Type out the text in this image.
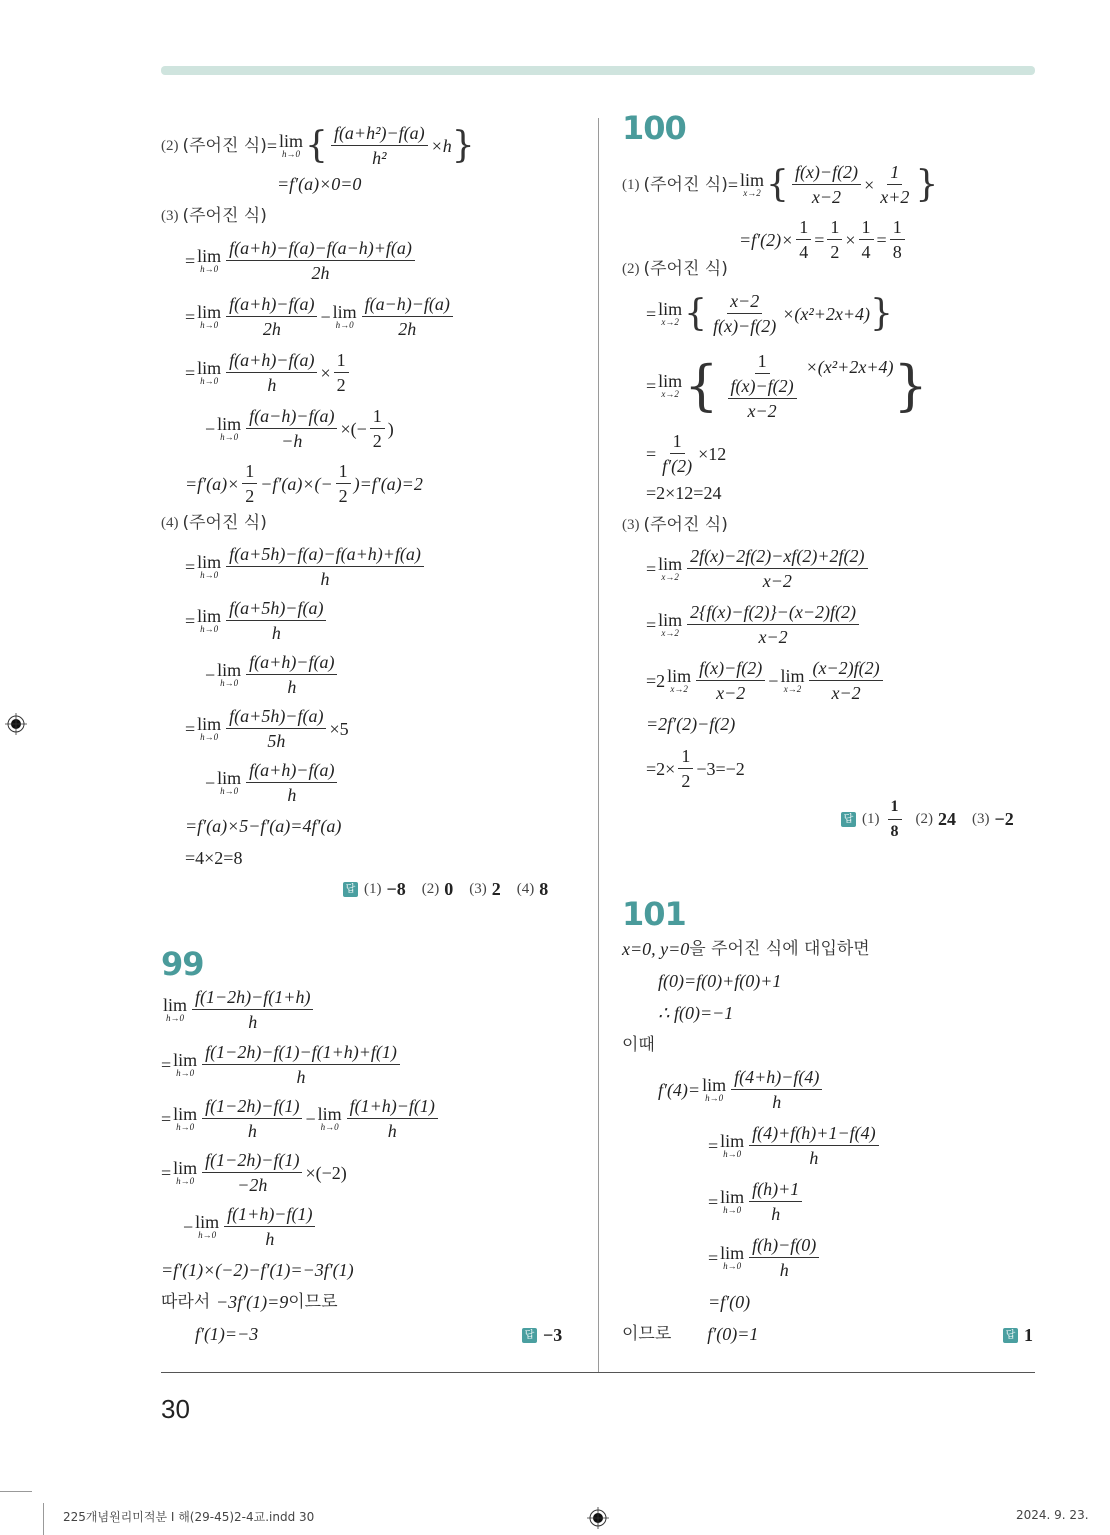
(2) (주어진 식) = lim
h→0 { $\frac{\text{f(a+h²)−f(a)}}{\text{h²}} \times h$ }
=f′(a)×0=0
(3) (주어진 식)
= lim
$h\to 0 \frac{f(a+h)-f(a)-f(a-h)+f(a)}{2h}$
= lim
$h\to 0 \frac{f(a+h)-f(a)}{2h} - \lim$
$h\to 0 \frac{f(a-h)-f(a)}{2h}$
= lim
$h\to 0 \frac{f(a+h)-f(a)}{h} \times \frac{1}{2}$
− lim
$h\to 0 \frac{f(a-h)-f(a)}{-h}$ ×(− $\frac{1}{2}$ )
$=f'(a)\times \frac{1}{2} -f'(a)\times(- \frac{1}{2} )=f'(a)=2$
(4) (주어진 식)
= lim
$h\to 0 \frac{f(a+5h)-f(a)-f(a+h)+f(a)}{h}$
= lim
$h\to 0 \frac{f(a+5h)-f(a)}{h}$
− lim
$h\to 0 \frac{f(a+h)-f(a)}{h}$
= lim
$h\to 0 \frac{f(a+5h)-f(a)}{5h} \times 5$
− lim
$h\to 0 \frac{f(a+h)-f(a)}{h}$
=f′(a)×5−f′(a)=4f′(a)
=4×2=8
답 (1) −8 (2) 0 (3) 2 (4) 8
99
lim
$h\to 0 \frac{f(1-2h)-f(1+h)}{h}$
= lim
$h\to 0 \frac{f(1-2h)-f(1)-f(1+h)+f(1)}{h}$
= lim
$h\to 0 \frac{f(1-2h)-f(1)}{h} - \lim$
$h\to 0 \frac{f(1+h)-f(1)}{h}$
= lim
$h\to 0 \frac{f(1-2h)-f(1)}{-2h} \times(-2)$
− lim
$h\to 0 \frac{f(1+h)-f(1)}{h}$
=f′(1)×(−2)−f′(1)=−3f′(1)
따라서
−3f′(1)=9 이므로
f′(1)=−3	답 −3
100
(1) (주어진 식) = lim
x→2 { $\frac{f(x)-f(2)}{x-2} \times \frac{1}{x+2}$ }
$=f'(2)\times \frac{1}{4} = \frac{1}{2} \times \frac{1}{4} = \frac{1}{8}$
(2) (주어진 식)
= lim
x→2 { $\frac{x-2}{f(x)-f(2)} \times(x^2+2x+4)$ }
= lim
x→2 { $\frac{1}{\frac{f(x)-f(2)}{x-2}} \times(x^2+2x+4)$ }
= $\frac{1}{f'(2)} \times 12$
=2×12=24
(3) (주어진 식)
= lim
$x\to 2 \frac{2f(x)-2f(2)-xf(2)+2f(2)}{x-2}$
= lim
$x\to 2 \frac{2\{f(x)-f(2)\}-(x-2)f(2)}{x-2}$
=2 lim
$x\to 2 \frac{f(x)-f(2)}{x-2} - \lim$
$x\to 2 \frac{(x-2)f(2)}{x-2}$
=2f′(2)−f(2)
$=2\times \frac{1}{2} -3=-2$
답 $(1) \frac{1}{8} (2)$ 24 (3) −2
101
x=0, y=0 을 주어진 식에 대입하면
f(0)=f(0)+f(0)+1
∴ f(0)=−1
이때
f′(4)= lim
$h\to 0 \frac{f(4+h)-f(4)}{h}$
= lim
$h\to 0 \frac{f(4)+f(h)+1-f(4)}{h}$
= lim
$h\to 0 \frac{f(h)+1}{h}$
= lim
$h\to 0 \frac{f(h)-f(0)}{h}$
=f′(0)
이므로 f′(0)=1	답 1
30
225개념원리미적분 I 해(29-45)2-4교.indd 30	2024. 9. 23.
